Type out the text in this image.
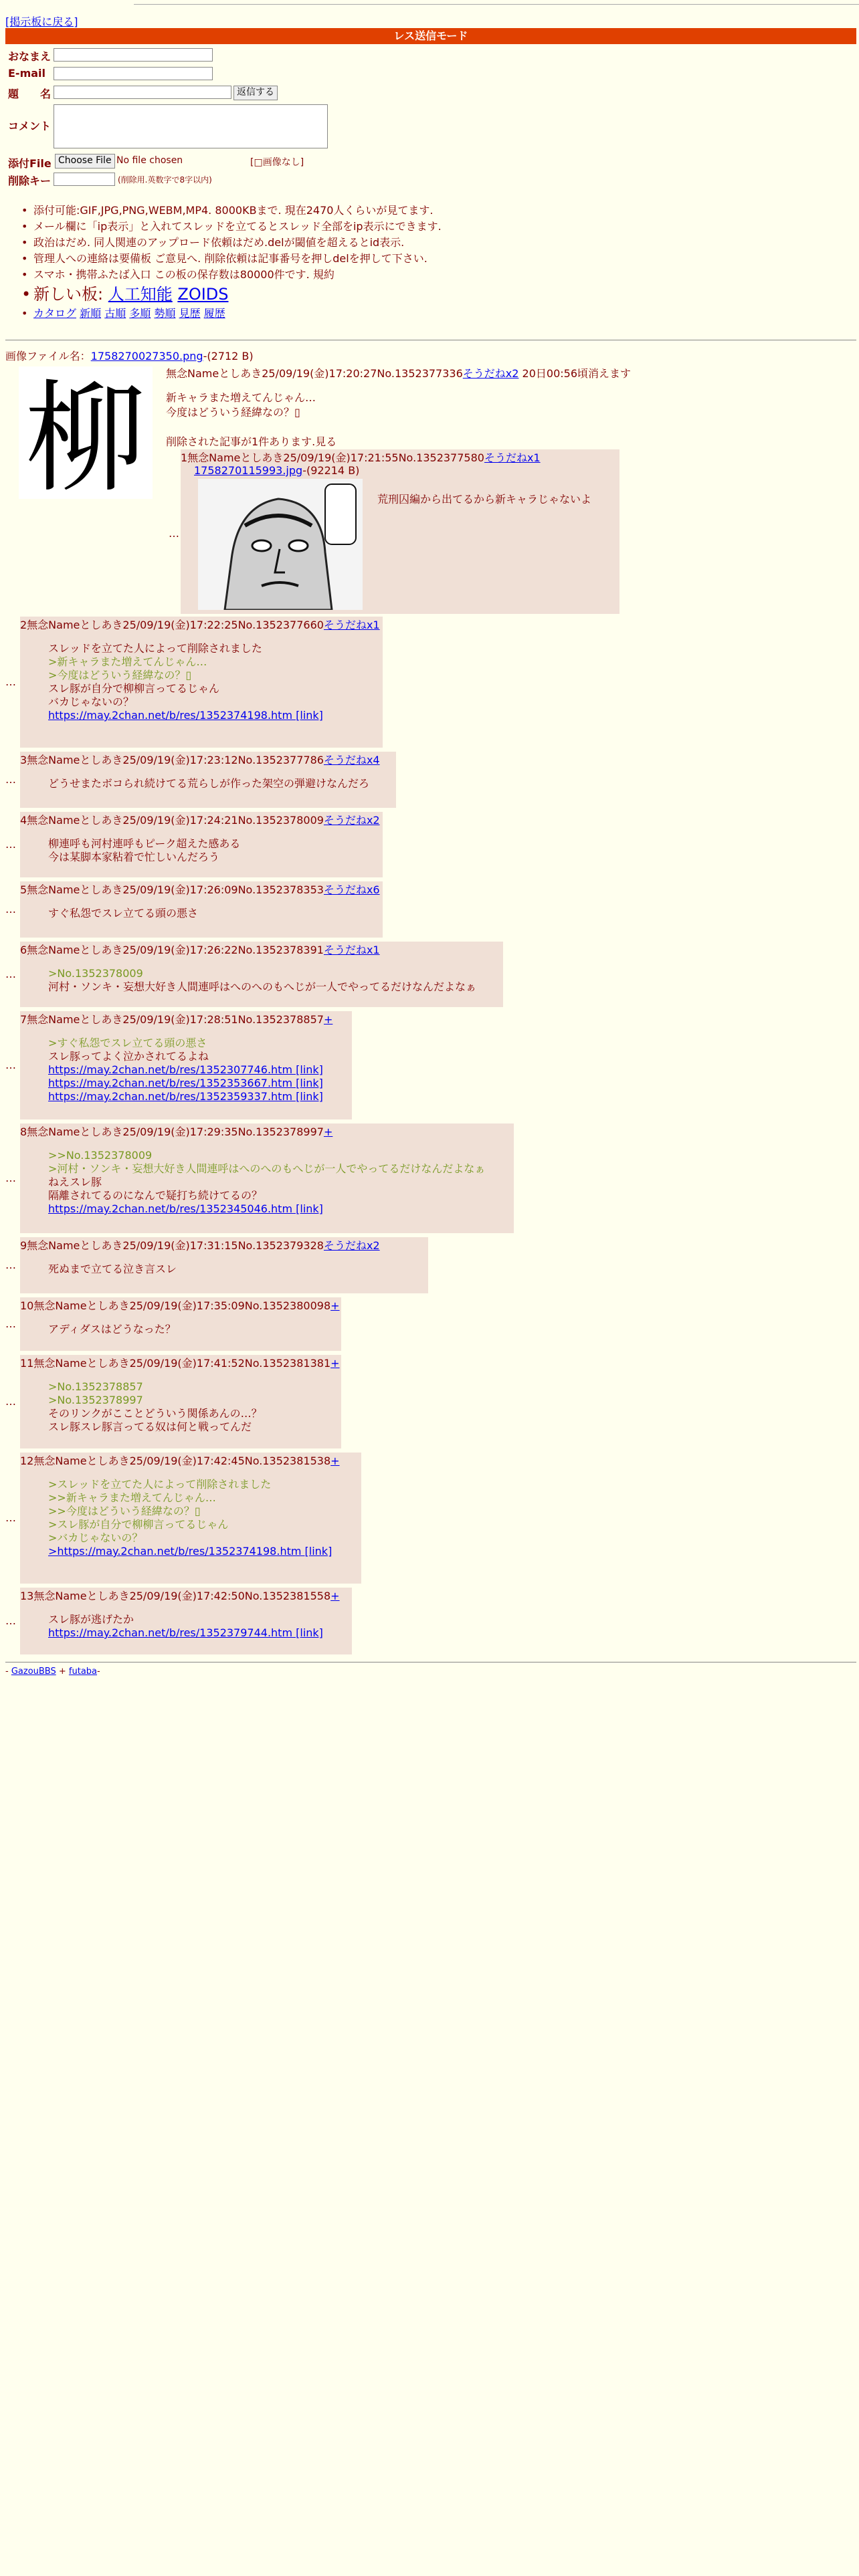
[掲示板に戻る]
レス送信モード
おなまえ
E-mail
題　　名	返信する
コメント
添付File Choose File No file chosen	[□画像なし]
削除キー	(削除用.英数字で8字以内)
• 添付可能:GIF,JPG,PNG,WEBM,MP4. 8000KBまで. 現在2470人くらいが見てます.
• メール欄に「ip表示」と入れてスレッドを立てるとスレッド全部をip表示にできます.
• 政治はだめ. 同人関連のアップロード依頼はだめ.delが閾値を超えるとid表示.
• 管理人への連絡は要備板 ご意見へ. 削除依頼は記事番号を押しdelを押して下さい.
• スマホ・携帯ふたば入口 この板の保存数は80000件です. 規約
• 新しい板: 人工知能 ZOIDS
• カタログ 新順 古順 多順 勢順 見歴 履歴
画像ファイル名：1758270027350.png-(2712 B)
柳 無念Nameとしあき25/09/19(金)17:20:27No.1352377336そうだねx2 20日00:56頃消えます
新キャラまた増えてんじゃん…
今度はどういう経緯なの？▯
削除された記事が1件あります.見る
…
1無念Nameとしあき25/09/19(金)17:21:55No.1352377580そうだねx1
1758270115993.jpg-(92214 B)
荒刑囚編から出てるから新キャラじゃないよ
…
2無念Nameとしあき25/09/19(金)17:22:25No.1352377660そうだねx1
スレッドを立てた人によって削除されました
>新キャラまた増えてんじゃん…
>今度はどういう経緯なの？▯
スレ豚が自分で柳柳言ってるじゃん
バカじゃないの？
https://may.2chan.net/b/res/1352374198.htm [link]
…
3無念Nameとしあき25/09/19(金)17:23:12No.1352377786そうだねx4
どうせまたボコられ続けてる荒らしが作った架空の弾避けなんだろ
…
4無念Nameとしあき25/09/19(金)17:24:21No.1352378009そうだねx2
柳連呼も河村連呼もピーク超えた感ある
今は某脚本家粘着で忙しいんだろう
…
5無念Nameとしあき25/09/19(金)17:26:09No.1352378353そうだねx6
すぐ私怨でスレ立てる頭の悪さ
…
6無念Nameとしあき25/09/19(金)17:26:22No.1352378391そうだねx1
>No.1352378009
河村・ソンキ・妄想大好き人間連呼はへのへのもへじが一人でやってるだけなんだよなぁ
…
7無念Nameとしあき25/09/19(金)17:28:51No.1352378857+
>すぐ私怨でスレ立てる頭の悪さ
スレ豚ってよく泣かされてるよね
https://may.2chan.net/b/res/1352307746.htm [link]
https://may.2chan.net/b/res/1352353667.htm [link]
https://may.2chan.net/b/res/1352359337.htm [link]
…
8無念Nameとしあき25/09/19(金)17:29:35No.1352378997+
>>No.1352378009
>河村・ソンキ・妄想大好き人間連呼はへのへのもへじが一人でやってるだけなんだよなぁ
ねえスレ豚
隔離されてるのになんで疑打ち続けてるの？
https://may.2chan.net/b/res/1352345046.htm [link]
…
9無念Nameとしあき25/09/19(金)17:31:15No.1352379328そうだねx2
死ぬまで立てる泣き言スレ
…
10無念Nameとしあき25/09/19(金)17:35:09No.1352380098+
アディダスはどうなった？
…
11無念Nameとしあき25/09/19(金)17:41:52No.1352381381+
>No.1352378857
>No.1352378997
そのリンクがこことどういう関係あんの…？
スレ豚スレ豚言ってる奴は何と戦ってんだ
…
12無念Nameとしあき25/09/19(金)17:42:45No.1352381538+
>スレッドを立てた人によって削除されました
>>新キャラまた増えてんじゃん…
>>今度はどういう経緯なの？▯
>スレ豚が自分で柳柳言ってるじゃん
>バカじゃないの？
>https://may.2chan.net/b/res/1352374198.htm [link]
…
13無念Nameとしあき25/09/19(金)17:42:50No.1352381558+
スレ豚が逃げたか
https://may.2chan.net/b/res/1352379744.htm [link]
- GazouBBS + futaba-
